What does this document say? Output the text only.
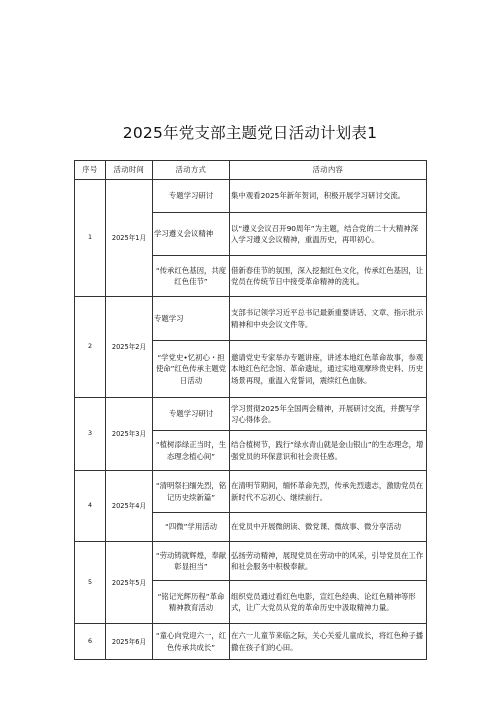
2025年党支部主题党日活动计划表1
序号	活动时间	活动方式	活动内容
1	2025年1月	专题学习研讨	集中观看2025年新年贺词，积极开展学习研讨交流。
		学习遵义会议精神	以“遵义会议召开90周年”为主题，结合党的二十大精神深入学习遵义会议精神，重温历史，再叩初心。
		“传承红色基因，共度红色佳节”	借新春佳节的氛围，深入挖掘红色文化，传承红色基因，让党员在传统节日中接受革命精神的洗礼。
2	2025年2月	专题学习	支部书记领学习近平总书记最新重要讲话、文章、指示批示精神和中央会议文件等。
		“学党史•忆初心・担使命”红色传承主题党日活动	邀请党史专家举办专题讲座，讲述本地红色革命故事，参观本地红色纪念馆、革命遗址，通过实地观摩珍贵史料、历史场景再现，重温入党誓词，震续红色血脉。
3	2025年3月	专题学习研讨	学习贯彻2025年全国两会精神，开展研讨交流，并撰写学习心得体会。
		“植树添绿正当时，生态理念植心间”	结合植树节，践行“绿水青山就是金山银山”的生态理念，增强党员的环保意识和社会责任感。
4	2025年4月	“清明祭扫缅先烈，铭记历史续新篇”	在清明节期间，缅怀革命先烈，传承先烈遗志，激励党员在新时代不忘初心、继续前行。
		“四微”学用活动	在党员中开展微朗读、微党课、微故事、微分享活动
5	2025年5月	“劳动铸就辉煌，奉献彰显担当”	弘扬劳动精神，展现党员在劳动中的风采，引导党员在工作和社会服务中积极奉献。
		“铭记光辉历程”革命精神教育活动	组织党员通过看红色电影，宣红色经典、论红色精神等形式，让广大党员从党的革命历史中汲取精神力量。
6	2025年6月	“童心向党迎六一，红色传承共成长”	在六一儿童节来临之际，关心关爱儿童成长，将红色种子播撒在孩子们的心田。
